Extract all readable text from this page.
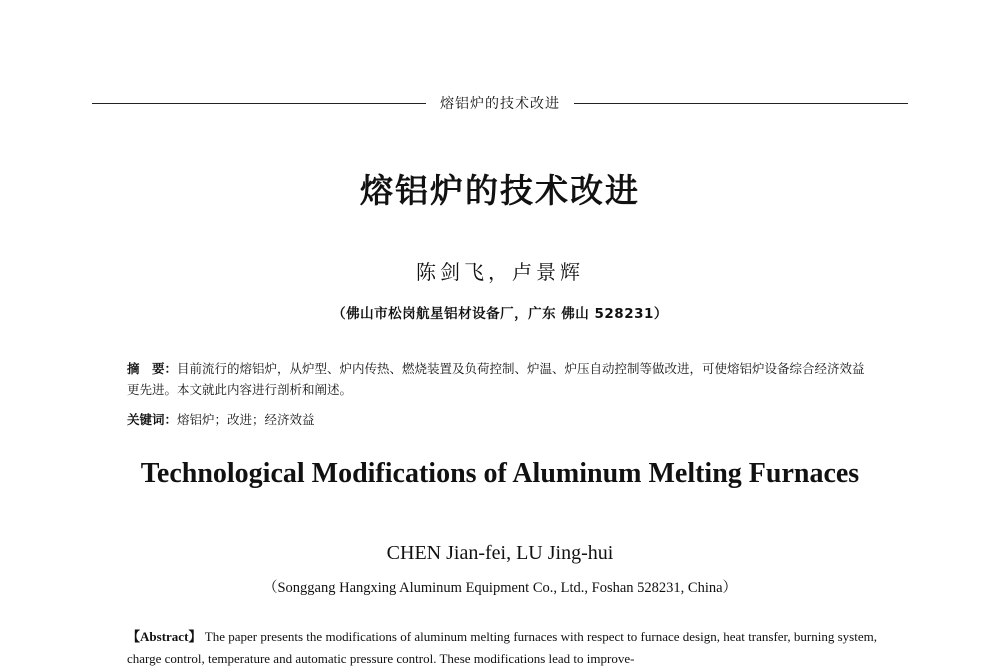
熔铝炉的技术改进
熔铝炉的技术改进
陈剑飞，卢景辉
（佛山市松岗航星铝材设备厂，广东 佛山 528231）
摘　要：目前流行的熔铝炉，从炉型、炉内传热、燃烧装置及负荷控制、炉温、炉压自动控制等做改进，可使熔铝炉设备综合经济效益更先进。本文就此内容进行剖析和阐述。
关键词：熔铝炉；改进；经济效益
Technological Modifications of Aluminum Melting Furnaces
CHEN Jian-fei, LU Jing-hui
（Songgang Hangxing Aluminum Equipment Co., Ltd., Foshan 528231, China）
【Abstract】 The paper presents the modifications of aluminum melting furnaces with respect to furnace design, heat transfer, burning system, charge control, temperature and automatic pressure control. These modifications lead to improve-
